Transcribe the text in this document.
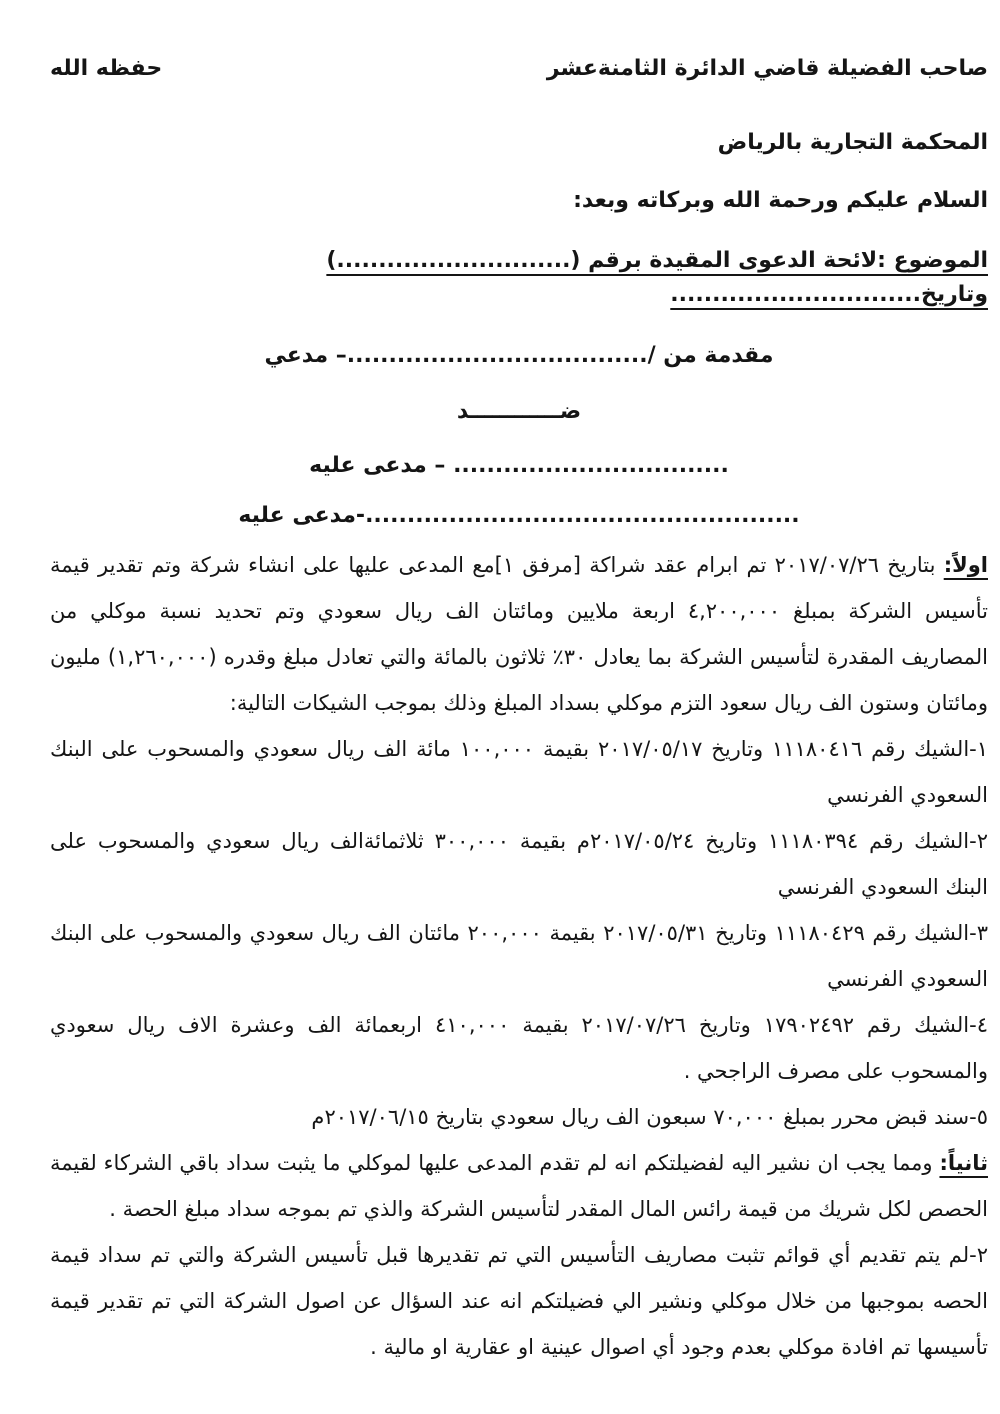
صاحب الفضيلة قاضي الدائرة الثامنةعشر
حفظه الله
المحكمة التجارية بالرياض
السلام عليكم ورحمة الله وبركاته وبعد:
الموضوع :لائحة الدعوى المقيدة برقم (............................) وتاريخ..............................
مقدمة من /....................................– مدعي
ضــــــــــــد
................................. – مدعى عليه
....................................................-مدعى عليه

اولاً: بتاريخ ٢٠١٧/٠٧/٢٦ تم ابرام عقد شراكة [مرفق ١]مع المدعى عليها على انشاء شركة وتم تقدير قيمة تأسيس الشركة بمبلغ ٤,٢٠٠,٠٠٠ اربعة ملايين ومائتان الف ريال سعودي وتم تحديد نسبة موكلي من المصاريف المقدرة لتأسيس الشركة بما يعادل ٣٠٪ ثلاثون بالمائة والتي تعادل مبلغ وقدره (١,٢٦٠,٠٠٠) مليون ومائتان وستون الف ريال سعود التزم موكلي بسداد المبلغ وذلك بموجب الشيكات التالية:

١-الشيك رقم ١١١٨٠٤١٦ وتاريخ ٢٠١٧/٠٥/١٧ بقيمة ١٠٠,٠٠٠ مائة الف ريال سعودي والمسحوب على البنك السعودي الفرنسي

٢-الشيك رقم ١١١٨٠٣٩٤ وتاريخ ٢٠١٧/٠٥/٢٤م بقيمة ٣٠٠,٠٠٠ ثلاثمائةالف ريال سعودي والمسحوب على البنك السعودي الفرنسي

٣-الشيك رقم ١١١٨٠٤٢٩ وتاريخ ٢٠١٧/٠٥/٣١ بقيمة ٢٠٠,٠٠٠ مائتان الف ريال سعودي والمسحوب على البنك السعودي الفرنسي

٤-الشيك رقم ١٧٩٠٢٤٩٢ وتاريخ ٢٠١٧/٠٧/٢٦ بقيمة ٤١٠,٠٠٠ اربعمائة الف وعشرة الاف ريال سعودي والمسحوب على مصرف الراجحي .

٥-سند قبض محرر بمبلغ ٧٠,٠٠٠ سبعون الف ريال سعودي بتاريخ ٢٠١٧/٠٦/١٥م

ثانياً: ومما يجب ان نشير اليه لفضيلتكم انه لم تقدم المدعى عليها لموكلي ما يثبت سداد باقي الشركاء لقيمة الحصص لكل شريك من قيمة رائس المال المقدر لتأسيس الشركة والذي تم بموجه سداد مبلغ الحصة .

٢-لم يتم تقديم أي قوائم تثبت مصاريف التأسيس التي تم تقديرها قبل تأسيس الشركة والتي تم سداد قيمة الحصه بموجبها من خلال موكلي ونشير الي فضيلتكم انه عند السؤال عن اصول الشركة التي تم تقدير قيمة تأسيسها تم افادة موكلي بعدم وجود أي اصوال عينية او عقارية او مالية .
